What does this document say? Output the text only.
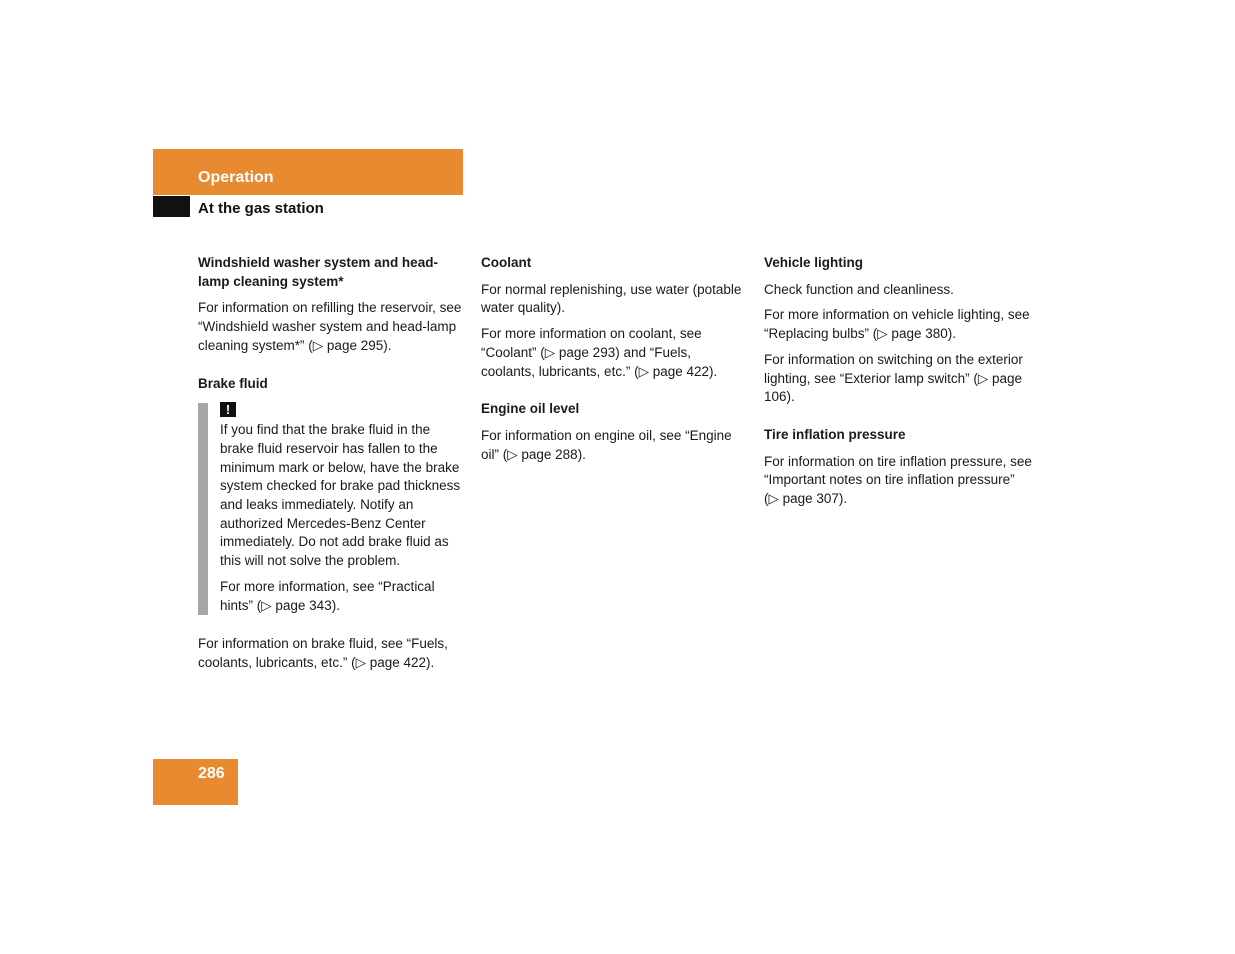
Operation
At the gas station
Windshield washer system and head-lamp cleaning system*

For information on refilling the reservoir, see “Windshield washer system and head-lamp cleaning system*” (▷ page 295).

Brake fluid
!

If you find that the brake fluid in the brake fluid reservoir has fallen to the minimum mark or below, have the brake system checked for brake pad thickness and leaks immediately. Notify an authorized Mercedes-Benz Center immediately. Do not add brake fluid as this will not solve the problem.

For more information, see “Practical hints” (▷ page 343).

For information on brake fluid, see “Fuels, coolants, lubricants, etc.” (▷ page 422).

Coolant

For normal replenishing, use water (potable water quality).

For more information on coolant, see “Coolant” (▷ page 293) and “Fuels, coolants, lubricants, etc.” (▷ page 422).

Engine oil level

For information on engine oil, see “Engine oil” (▷ page 288).

Vehicle lighting

Check function and cleanliness.

For more information on vehicle lighting, see “Replacing bulbs” (▷ page 380).

For information on switching on the exterior lighting, see “Exterior lamp switch” (▷ page 106).

Tire inflation pressure

For information on tire inflation pressure, see “Important notes on tire inflation pressure” (▷ page 307).

286
